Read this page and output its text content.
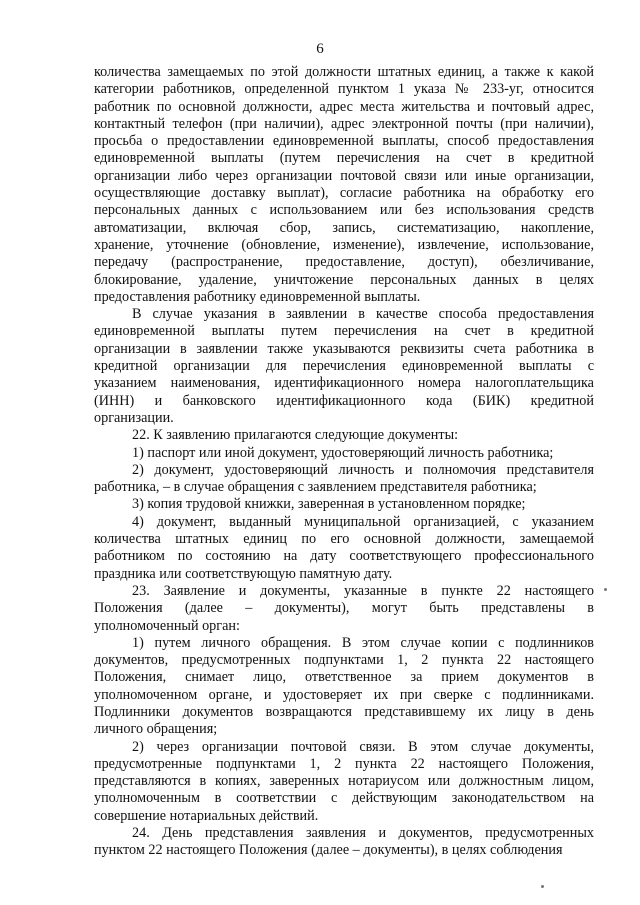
6
количества замещаемых по этой должности штатных единиц, а также к какой
категории работников, определенной пунктом 1 указа № 233-уг, относится
работник по основной должности, адрес места жительства и почтовый адрес,
контактный телефон (при наличии), адрес электронной почты (при наличии),
просьба о предоставлении единовременной выплаты, способ предоставления
единовременной выплаты (путем перечисления на счет в кредитной
организации либо через организации почтовой связи или иные организации,
осуществляющие доставку выплат), согласие работника на обработку его
персональных данных с использованием или без использования средств
автоматизации, включая сбор, запись, систематизацию, накопление,
хранение, уточнение (обновление, изменение), извлечение, использование,
передачу (распространение, предоставление, доступ), обезличивание,
блокирование, удаление, уничтожение персональных данных в целях
предоставления работнику единовременной выплаты.
В случае указания в заявлении в качестве способа предоставления
единовременной выплаты путем перечисления на счет в кредитной
организации в заявлении также указываются реквизиты счета работника в
кредитной организации для перечисления единовременной выплаты с
указанием наименования, идентификационного номера налогоплательщика
(ИНН) и банковского идентификационного кода (БИК) кредитной
организации.
22. К заявлению прилагаются следующие документы:
1) паспорт или иной документ, удостоверяющий личность работника;
2) документ, удостоверяющий личность и полномочия представителя
работника, – в случае обращения с заявлением представителя работника;
3) копия трудовой книжки, заверенная в установленном порядке;
4) документ, выданный муниципальной организацией, с указанием
количества штатных единиц по его основной должности, замещаемой
работником по состоянию на дату соответствующего профессионального
праздника или соответствующую памятную дату.
23. Заявление и документы, указанные в пункте 22 настоящего
Положения (далее – документы), могут быть представлены в
уполномоченный орган:
1) путем личного обращения. В этом случае копии с подлинников
документов, предусмотренных подпунктами 1, 2 пункта 22 настоящего
Положения, снимает лицо, ответственное за прием документов в
уполномоченном органе, и удостоверяет их при сверке с подлинниками.
Подлинники документов возвращаются представившему их лицу в день
личного обращения;
2) через организации почтовой связи. В этом случае документы,
предусмотренные подпунктами 1, 2 пункта 22 настоящего Положения,
представляются в копиях, заверенных нотариусом или должностным лицом,
уполномоченным в соответствии с действующим законодательством на
совершение нотариальных действий.
24. День представления заявления и документов, предусмотренных
пунктом 22 настоящего Положения (далее – документы), в целях соблюдения
